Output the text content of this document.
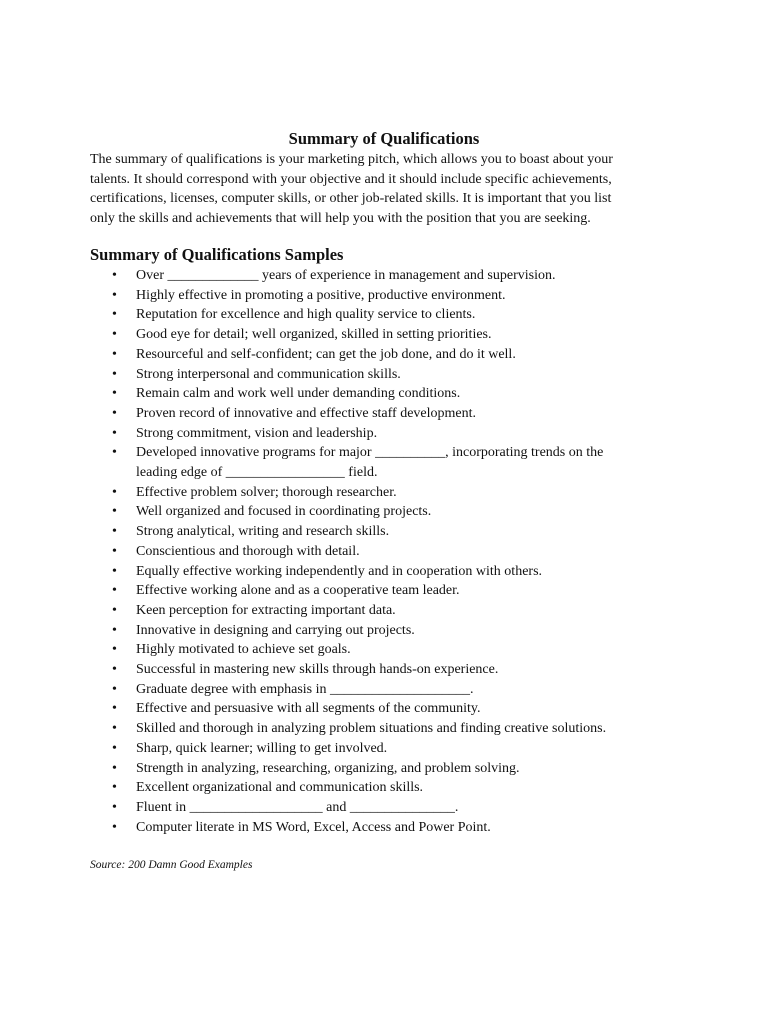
Summary of Qualifications
The summary of qualifications is your marketing pitch, which allows you to boast about your
talents. It should correspond with your objective and it should include specific achievements,
certifications, licenses, computer skills, or other job-related skills. It is important that you list
only the skills and achievements that will help you with the position that you are seeking.
Summary of Qualifications Samples
• Over _____________ years of experience in management and supervision.
• Highly effective in promoting a positive, productive environment.
• Reputation for excellence and high quality service to clients.
• Good eye for detail; well organized, skilled in setting priorities.
• Resourceful and self-confident; can get the job done, and do it well.
• Strong interpersonal and communication skills.
• Remain calm and work well under demanding conditions.
• Proven record of innovative and effective staff development.
• Strong commitment, vision and leadership.
• Developed innovative programs for major __________, incorporating trends on the
leading edge of _________________ field.
• Effective problem solver; thorough researcher.
• Well organized and focused in coordinating projects.
• Strong analytical, writing and research skills.
• Conscientious and thorough with detail.
• Equally effective working independently and in cooperation with others.
• Effective working alone and as a cooperative team leader.
• Keen perception for extracting important data.
• Innovative in designing and carrying out projects.
• Highly motivated to achieve set goals.
• Successful in mastering new skills through hands-on experience.
• Graduate degree with emphasis in ____________________.
• Effective and persuasive with all segments of the community.
• Skilled and thorough in analyzing problem situations and finding creative solutions.
• Sharp, quick learner; willing to get involved.
• Strength in analyzing, researching, organizing, and problem solving.
• Excellent organizational and communication skills.
• Fluent in ___________________ and _______________.
• Computer literate in MS Word, Excel, Access and Power Point.
Source: 200 Damn Good Examples
